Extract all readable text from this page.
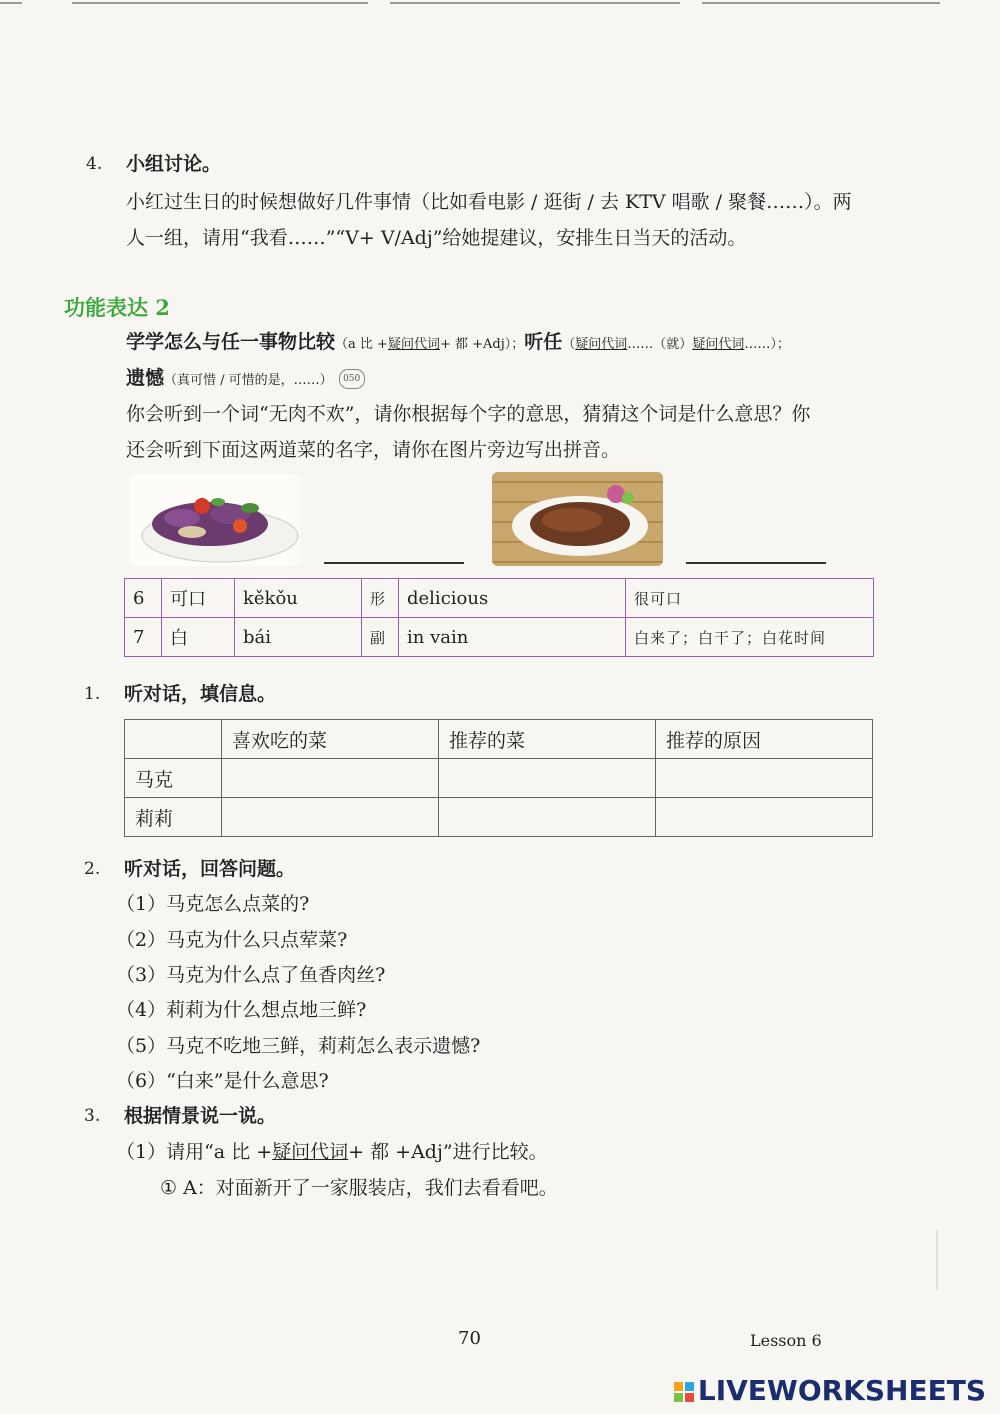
4. 小组讨论。
小红过生日的时候想做好几件事情（比如看电影 / 逛街 / 去 KTV 唱歌 / 聚餐……）。两
人一组，请用“我看……”“V+ V/Adj”给她提建议，安排生日当天的活动。
功能表达 2
学学怎么与任一事物比较（a 比 +疑问代词+ 都 +Adj）；听任（疑问代词……（就）疑问代词……）；
遗憾（真可惜 / 可惜的是，……） 050
你会听到一个词“无肉不欢”，请你根据每个字的意思，猜猜这个词是什么意思？你
还会听到下面这两道菜的名字，请你在图片旁边写出拼音。
6	可口	kěkǒu	形	delicious	很可口
7	白	bái	副	in vain	白来了；白干了；白花时间
1. 听对话，填信息。
	喜欢吃的菜	推荐的菜	推荐的原因
马克			
莉莉			
2. 听对话，回答问题。
（1）马克怎么点菜的?
（2）马克为什么只点荤菜?
（3）马克为什么点了鱼香肉丝?
（4）莉莉为什么想点地三鲜?
（5）马克不吃地三鲜，莉莉怎么表示遗憾?
（6）“白来”是什么意思?
3. 根据情景说一说。
（1）请用“a 比 +疑问代词+ 都 +Adj”进行比较。
① A：对面新开了一家服装店，我们去看看吧。
70	Lesson 6
LIVEWORKSHEETS
